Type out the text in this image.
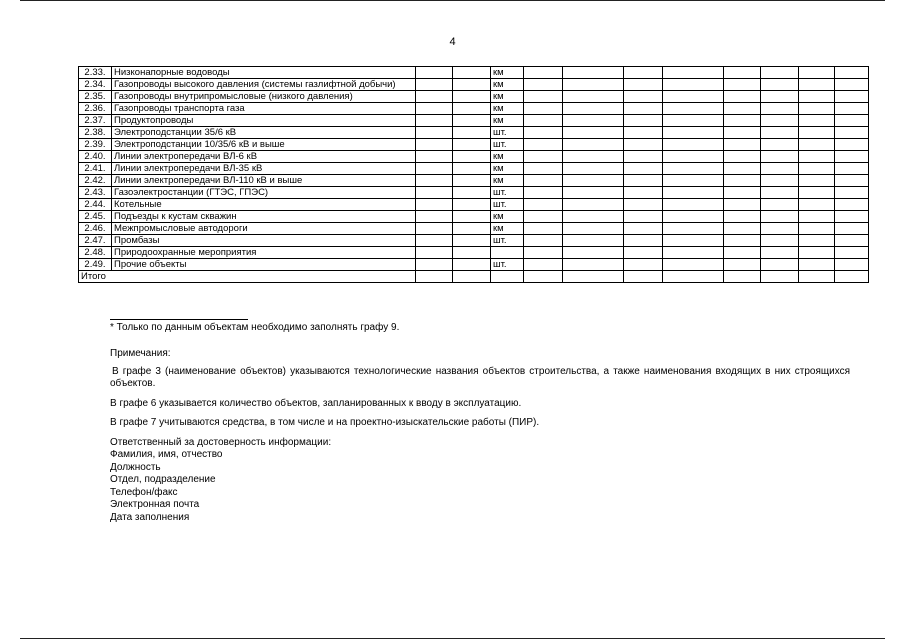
4
2.33.	Низконапорные водоводы			км								
2.34.	Газопроводы высокого давления (системы газлифтной добычи)			км								
2.35.	Газопроводы внутрипромысловые (низкого давления)			км								
2.36.	Газопроводы транспорта газа			км								
2.37.	Продуктопроводы			км								
2.38.	Электроподстанции 35/6 кВ			шт.								
2.39.	Электроподстанции 10/35/6 кВ и выше			шт.								
2.40.	Линии электропередачи ВЛ-6 кВ			км								
2.41.	Линии электропередачи ВЛ-35 кВ			км								
2.42.	Линии электропередачи ВЛ-110 кВ и выше			км								
2.43.	Газоэлектростанции (ГТЭС, ГПЭС)			шт.								
2.44.	Котельные			шт.								
2.45.	Подъезды к кустам скважин			км								
2.46.	Межпромысловые автодороги			км								
2.47.	Промбазы			шт.								
2.48.	Природоохранные мероприятия											
2.49.	Прочие объекты			шт.								
Итого												
* Только по данным объектам необходимо заполнять графу 9.
Примечания:
В графе 3 (наименование объектов) указываются технологические названия объектов строительства, а также наименования входящих в них строящихся объектов.
В графе 6 указывается количество объектов, запланированных к вводу в эксплуатацию.
В графе 7 учитываются средства, в том числе и на проектно-изыскательские работы (ПИР).
Ответственный за достоверность информации:
Фамилия, имя, отчество
Должность
Отдел, подразделение
Телефон/факс
Электронная почта
Дата заполнения
